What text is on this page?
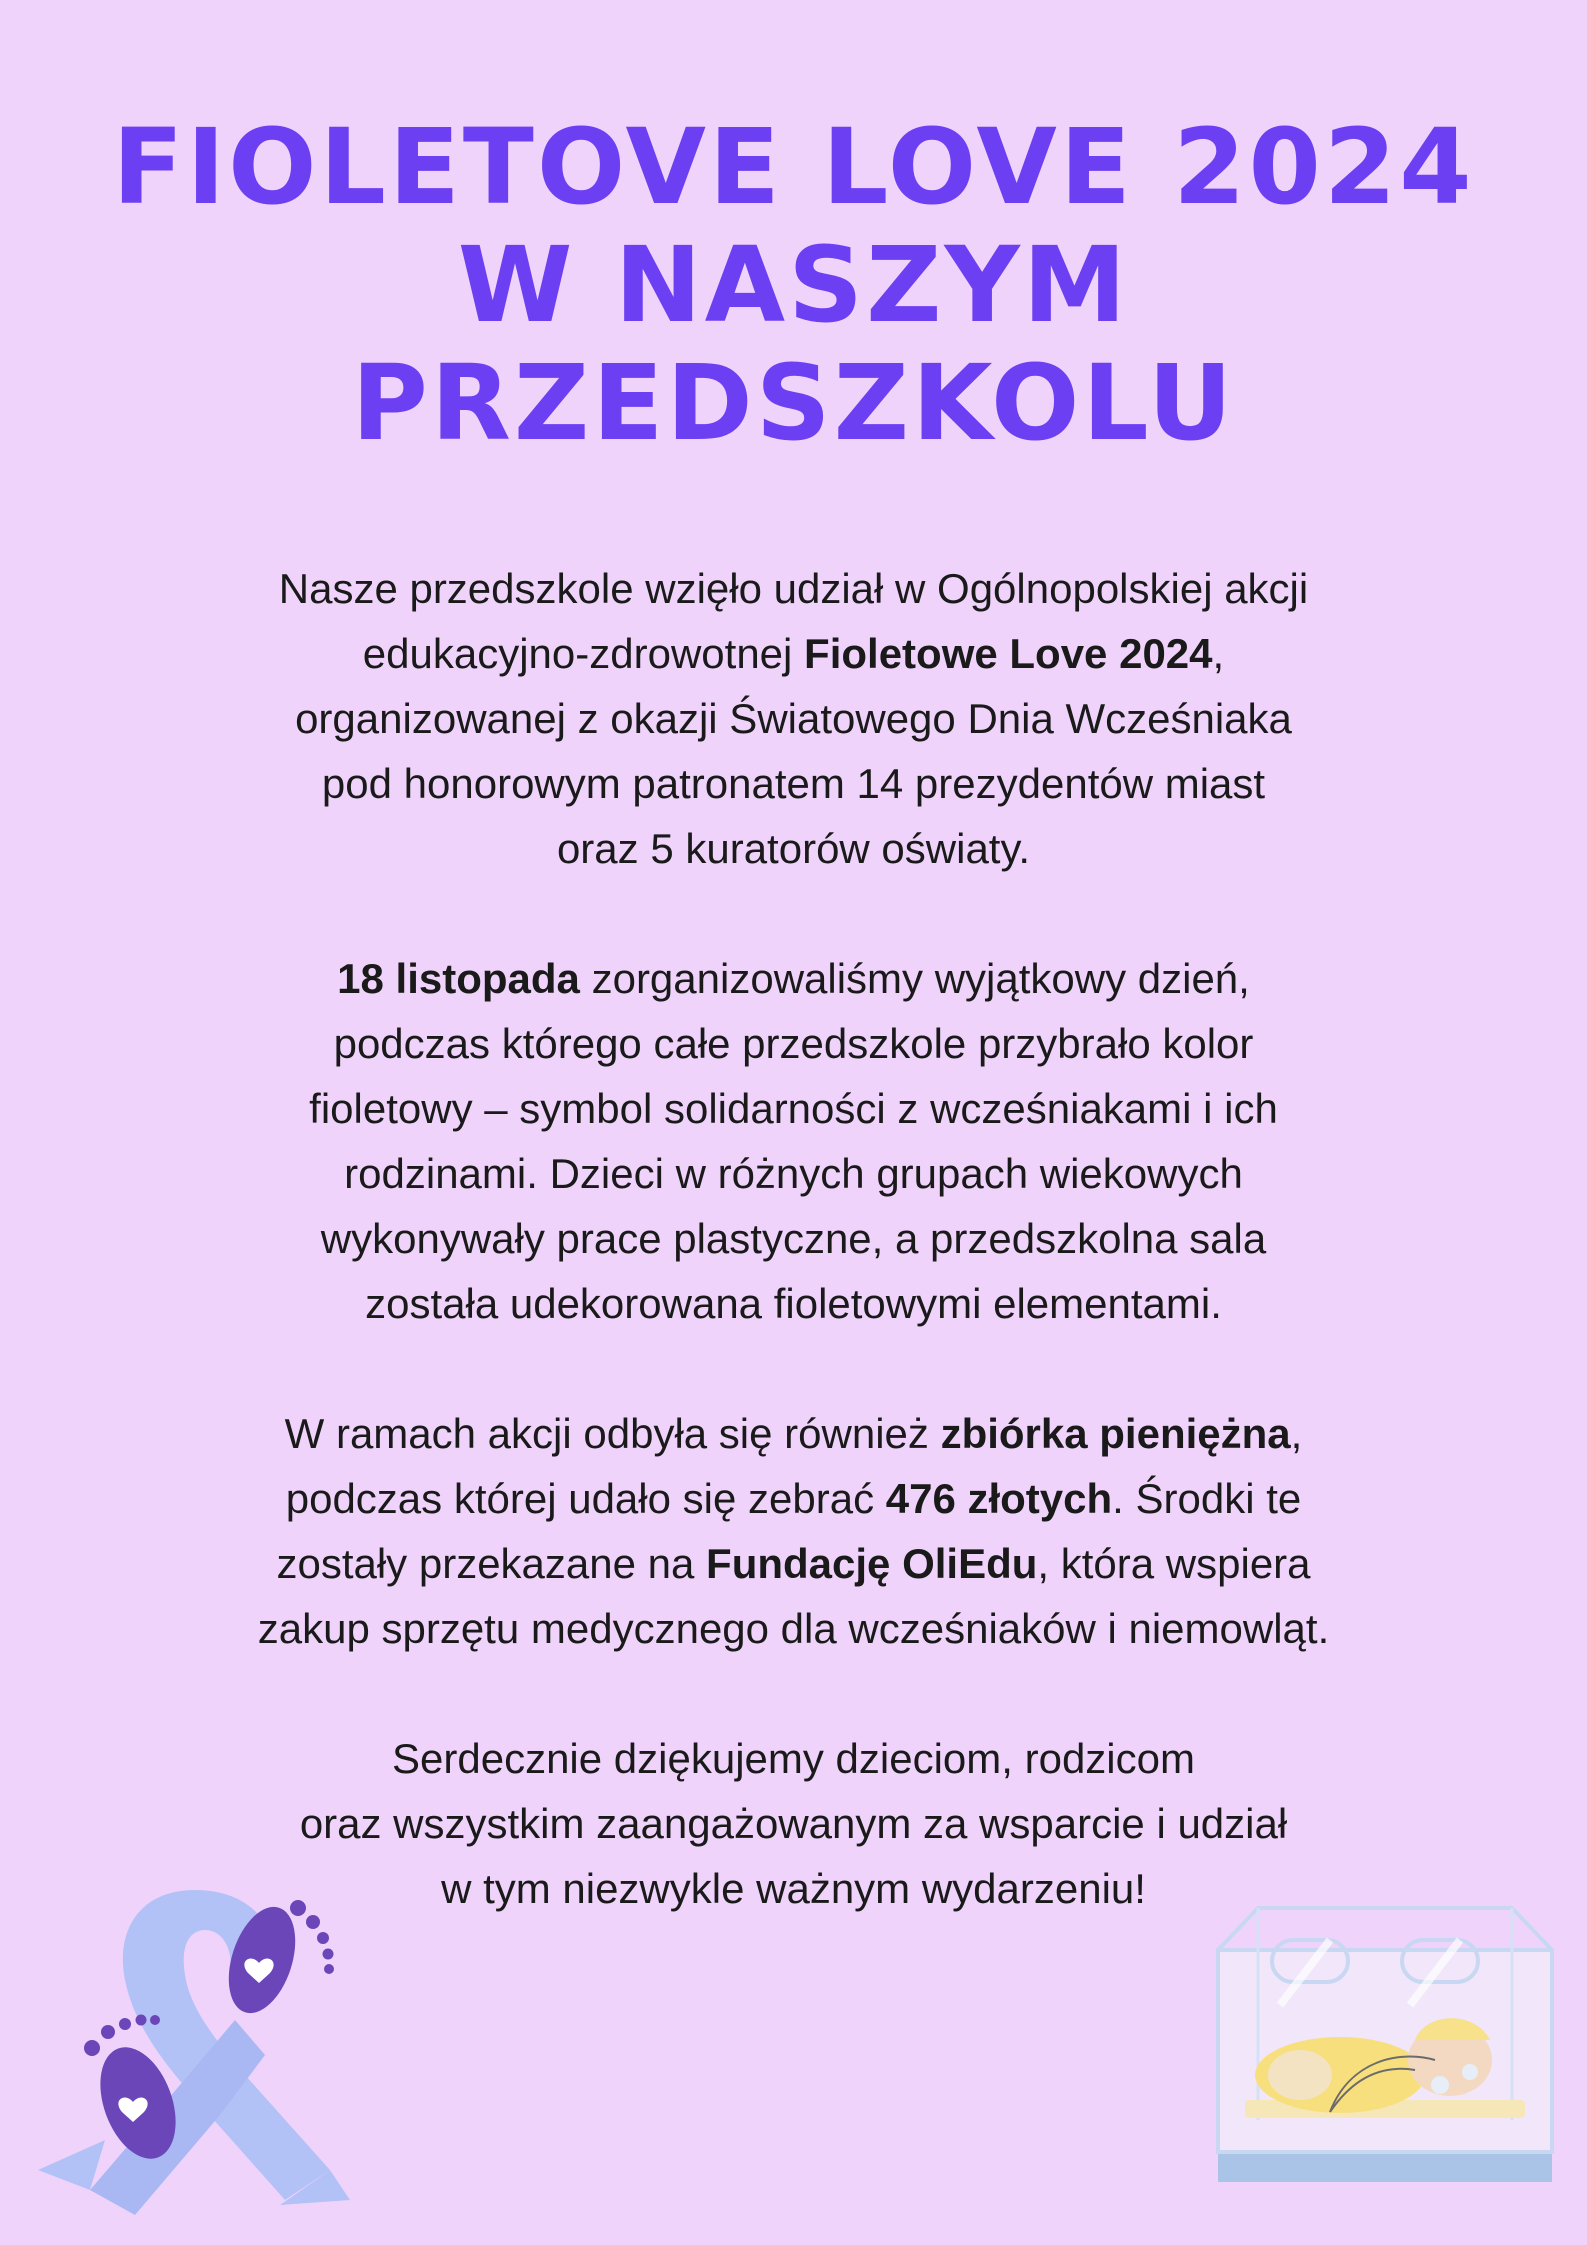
FIOLETOVE LOVE 2024
W NASZYM PRZEDSZKOLU

Nasze przedszkole wzięło udział w Ogólnopolskiej akcji
edukacyjno-zdrowotnej Fioletowe Love 2024,
organizowanej z okazji Światowego Dnia Wcześniaka
pod honorowym patronatem 14 prezydentów miast
oraz 5 kuratorów oświaty.

18 listopada zorganizowaliśmy wyjątkowy dzień,
podczas którego całe przedszkole przybrało kolor
fioletowy – symbol solidarności z wcześniakami i ich
rodzinami. Dzieci w różnych grupach wiekowych
wykonywały prace plastyczne, a przedszkolna sala
została udekorowana fioletowymi elementami.

W ramach akcji odbyła się również zbiórka pieniężna,
podczas której udało się zebrać 476 złotych. Środki te
zostały przekazane na Fundację OliEdu, która wspiera
zakup sprzętu medycznego dla wcześniaków i niemowląt.

Serdecznie dziękujemy dzieciom, rodzicom
oraz wszystkim zaangażowanym za wsparcie i udział
w tym niezwykle ważnym wydarzeniu!
